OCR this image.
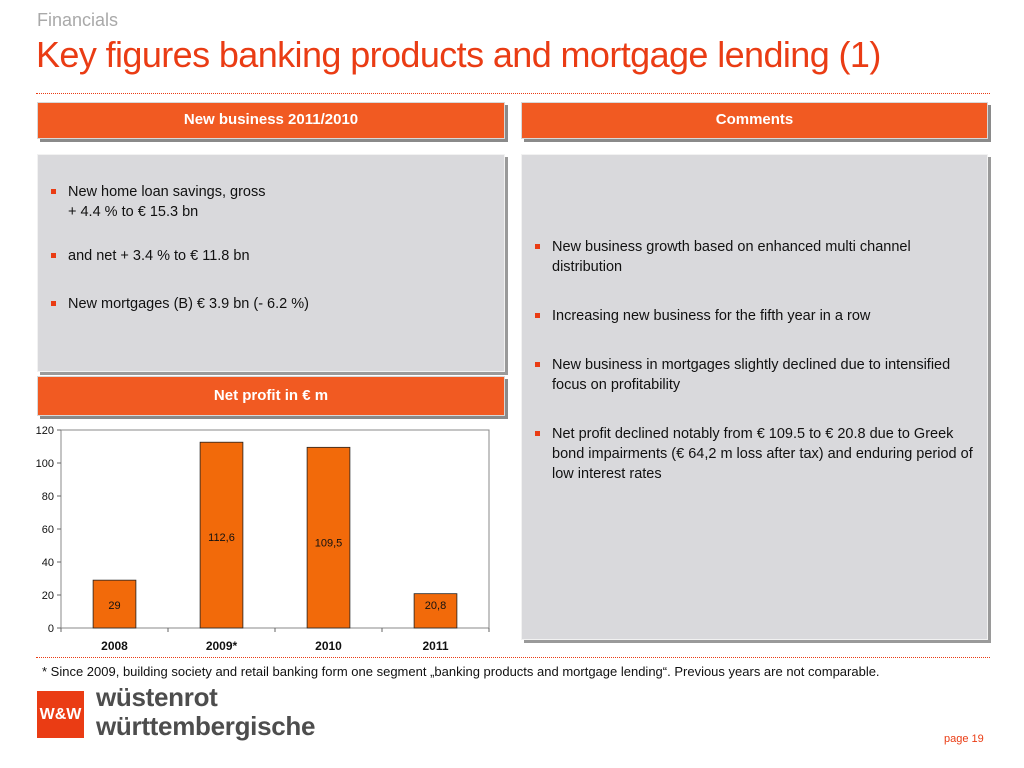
Financials
Key figures banking products and mortgage lending (1)
New business 2011/2010
New home loan savings, gross
+ 4.4 % to € 15.3 bn
and net + 3.4 % to € 11.8 bn
New mortgages (B) € 3.9 bn (- 6.2 %)
Net profit in € m
0
20
40
60
80
100
120
29
112,6	109,5
20,8
2008	2009*	2010	2011
Comments
New business growth based on enhanced multi channel distribution
Increasing new business for the fifth year in a row
New business in mortgages slightly declined due to intensified focus on profitability
Net profit declined notably from € 109.5 to € 20.8 due to Greek bond impairments (€ 64,2 m loss after tax) and enduring period of low interest rates
* Since 2009, building society and retail banking form one segment „banking products and mortgage lending“. Previous years are not comparable.
W&W
wüstenrot
württembergische	page 19
